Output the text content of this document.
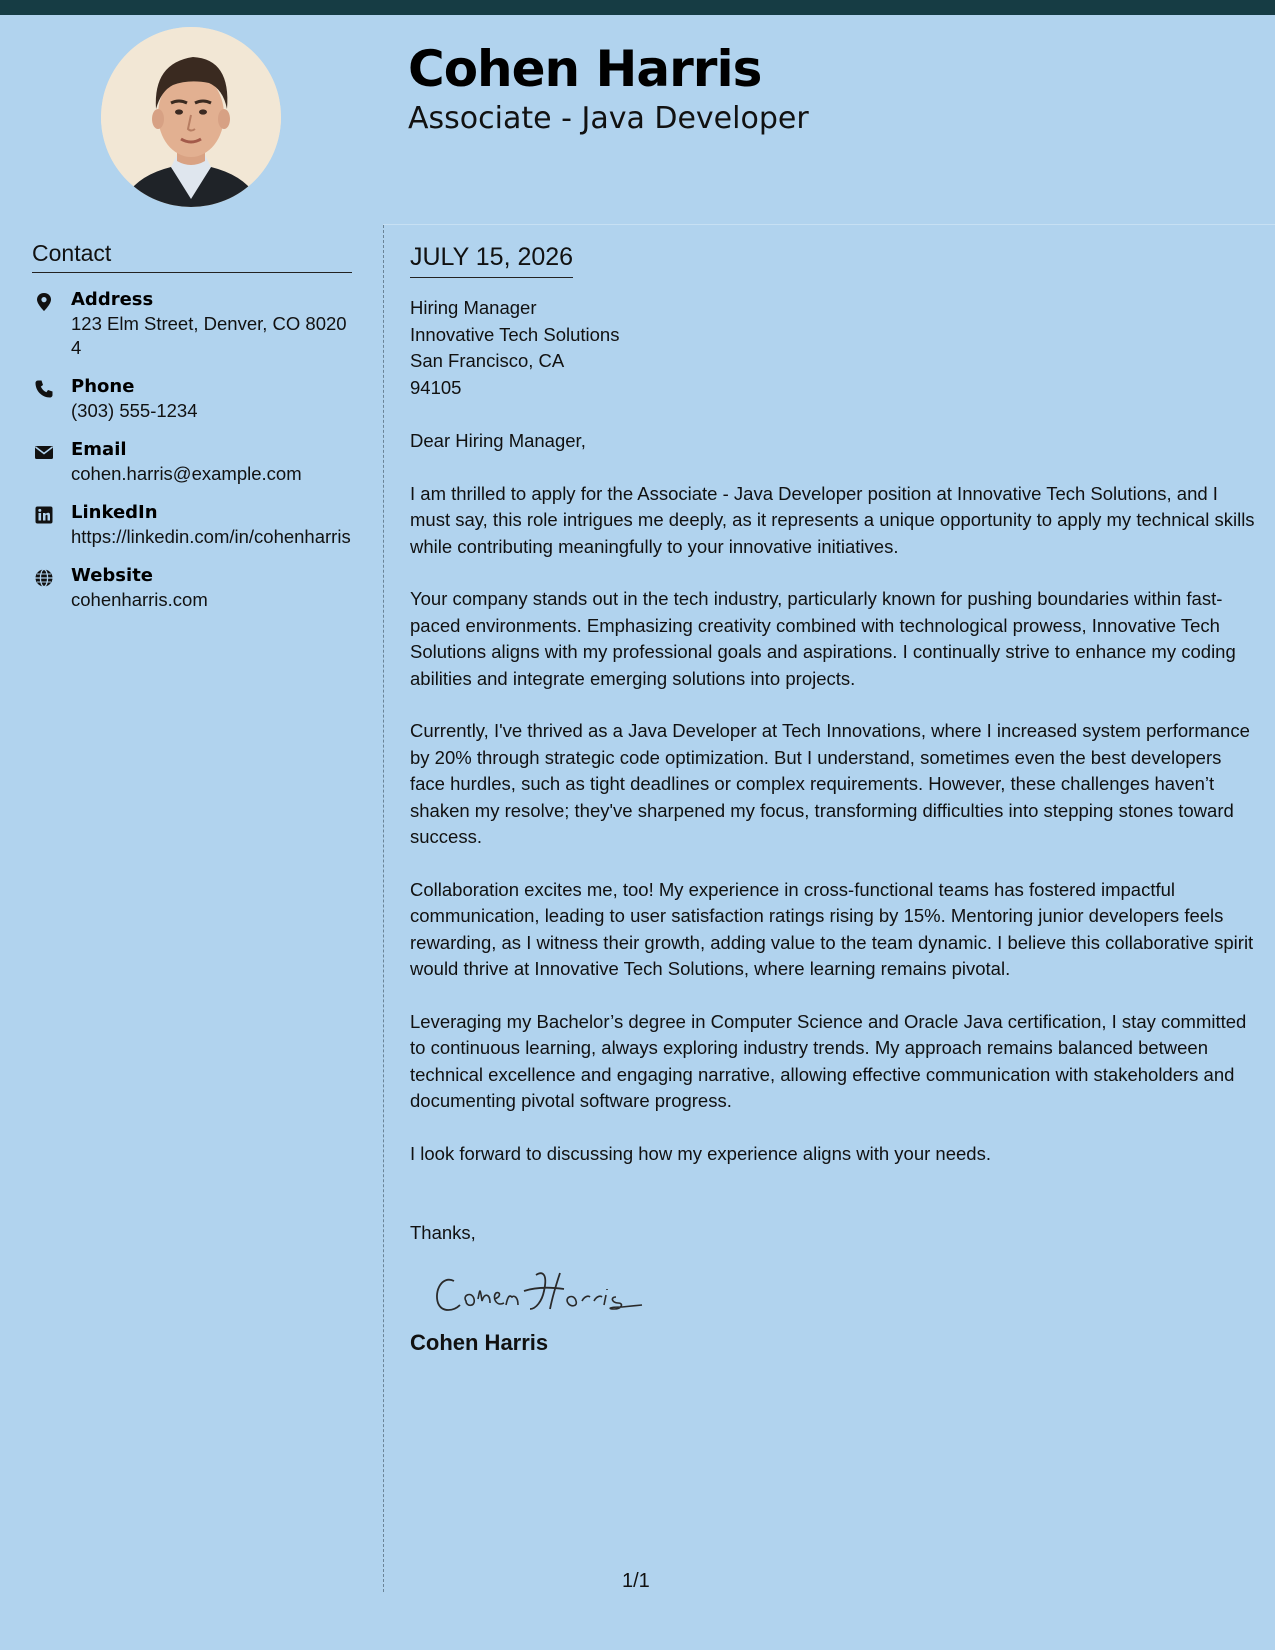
Cohen Harris

Associate - Java Developer

Contact
Address
123 Elm Street, Denver, CO 80204
Phone
(303) 555-1234
Email
cohen.harris@example.com
LinkedIn
https://linkedin.com/in/cohenharris
Website
cohenharris.com
JULY 15, 2026
Hiring Manager
Innovative Tech Solutions
San Francisco, CA
94105
Dear Hiring Manager,
I am thrilled to apply for the Associate - Java Developer position at Innovative Tech Solutions, and I must say, this role intrigues me deeply, as it represents a unique opportunity to apply my technical skills while contributing meaningfully to your innovative initiatives.
Your company stands out in the tech industry, particularly known for pushing boundaries within fast-paced environments. Emphasizing creativity combined with technological prowess, Innovative Tech Solutions aligns with my professional goals and aspirations. I continually strive to enhance my coding abilities and integrate emerging solutions into projects.
Currently, I've thrived as a Java Developer at Tech Innovations, where I increased system performance by 20% through strategic code optimization. But I understand, sometimes even the best developers face hurdles, such as tight deadlines or complex requirements. However, these challenges haven’t shaken my resolve; they've sharpened my focus, transforming difficulties into stepping stones toward success.
Collaboration excites me, too! My experience in cross-functional teams has fostered impactful communication, leading to user satisfaction ratings rising by 15%. Mentoring junior developers feels rewarding, as I witness their growth, adding value to the team dynamic. I believe this collaborative spirit would thrive at Innovative Tech Solutions, where learning remains pivotal.
Leveraging my Bachelor’s degree in Computer Science and Oracle Java certification, I stay committed to continuous learning, always exploring industry trends. My approach remains balanced between technical excellence and engaging narrative, allowing effective communication with stakeholders and documenting pivotal software progress.
I look forward to discussing how my experience aligns with your needs.
Thanks,
Cohen Harris
1/1
